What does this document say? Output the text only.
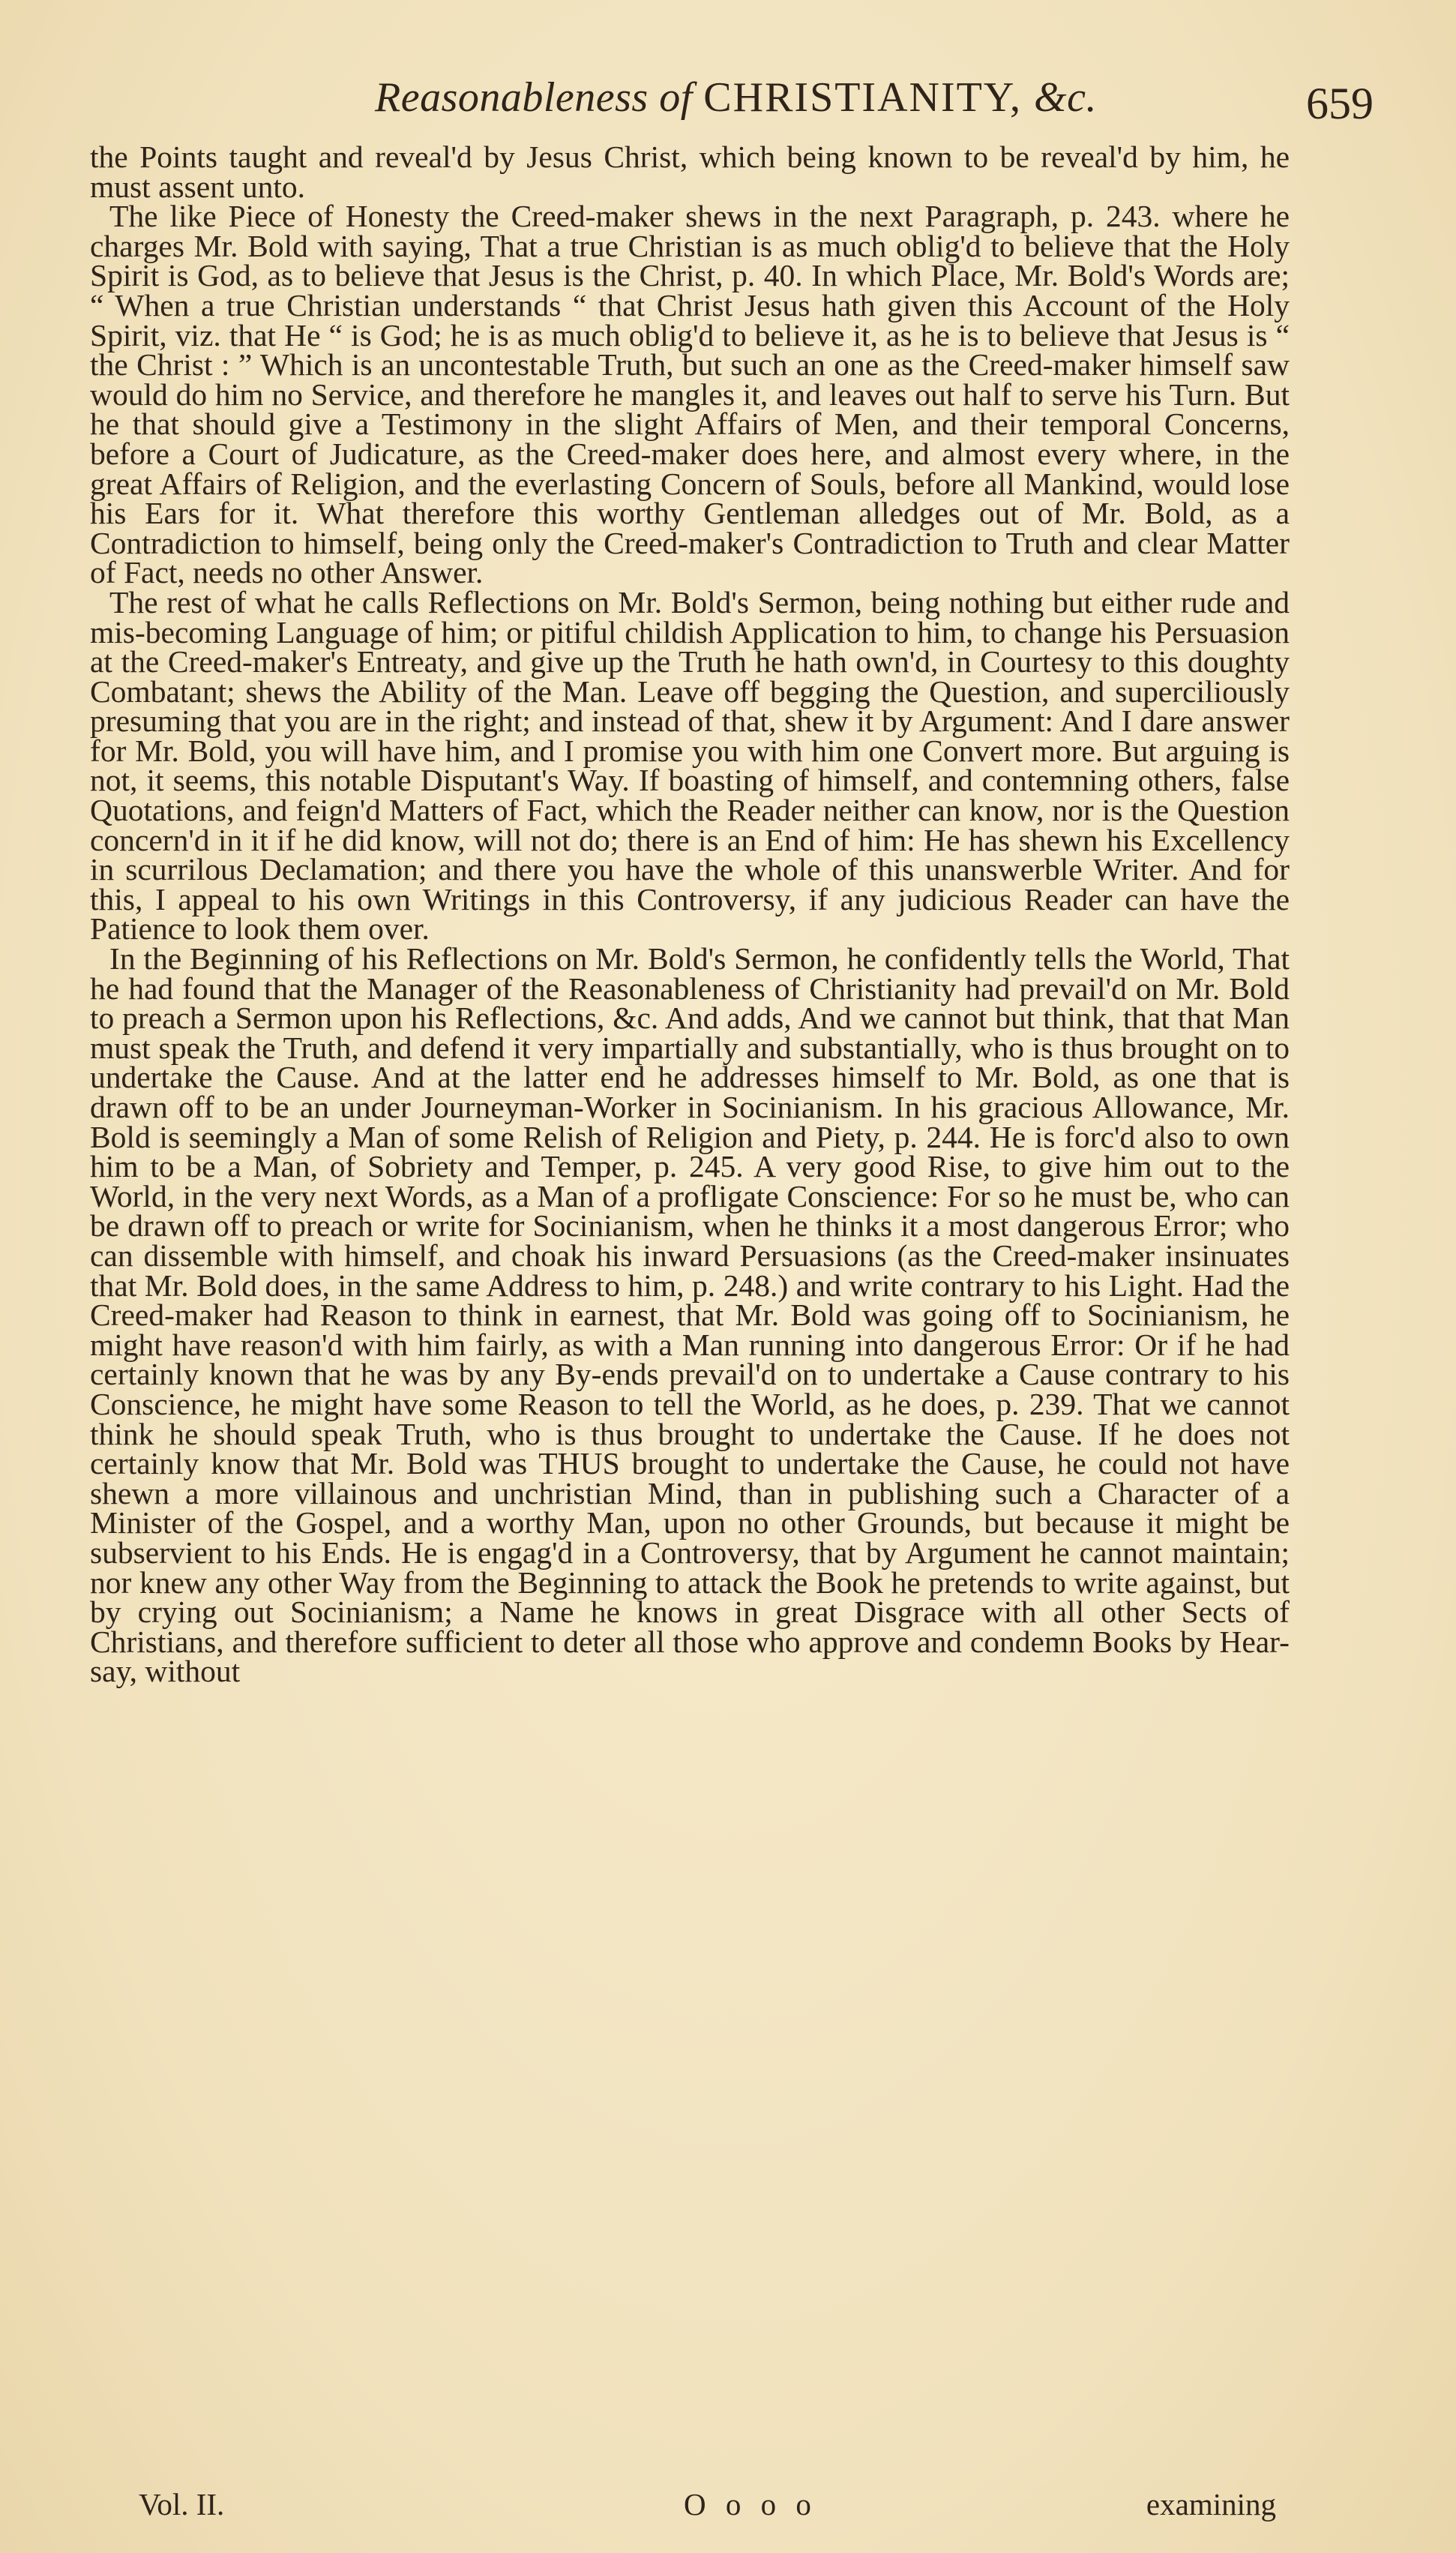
Reasonableness of CHRISTIANITY, &c.	659

the Points taught and reveal'd by Jesus Christ, which being known to be reveal'd by him, he must assent unto.

The like Piece of Honesty the Creed-maker shews in the next Paragraph, p. 243. where he charges Mr. Bold with saying, That a true Christian is as much oblig'd to believe that the Holy Spirit is God, as to believe that Jesus is the Christ, p. 40. In which Place, Mr. Bold's Words are; “ When a true Christian understands “ that Christ Jesus hath given this Account of the Holy Spirit, viz. that He “ is God; he is as much oblig'd to believe it, as he is to believe that Jesus is “ the Christ : ” Which is an uncontestable Truth, but such an one as the Creed-maker himself saw would do him no Service, and therefore he mangles it, and leaves out half to serve his Turn. But he that should give a Testimony in the slight Affairs of Men, and their temporal Concerns, before a Court of Judicature, as the Creed-maker does here, and almost every where, in the great Affairs of Religion, and the everlasting Concern of Souls, before all Mankind, would lose his Ears for it. What therefore this worthy Gentleman alledges out of Mr. Bold, as a Contradiction to himself, being only the Creed-maker's Contradiction to Truth and clear Matter of Fact, needs no other Answer.

The rest of what he calls Reflections on Mr. Bold's Sermon, being nothing but either rude and mis-becoming Language of him; or pitiful childish Application to him, to change his Persuasion at the Creed-maker's Entreaty, and give up the Truth he hath own'd, in Courtesy to this doughty Combatant; shews the Ability of the Man. Leave off begging the Question, and superciliously presuming that you are in the right; and instead of that, shew it by Argument: And I dare answer for Mr. Bold, you will have him, and I promise you with him one Convert more. But arguing is not, it seems, this notable Disputant's Way. If boasting of himself, and contemning others, false Quotations, and feign'd Matters of Fact, which the Reader neither can know, nor is the Question concern'd in it if he did know, will not do; there is an End of him: He has shewn his Excellency in scurrilous Declamation; and there you have the whole of this unanswerble Writer. And for this, I appeal to his own Writings in this Controversy, if any judicious Reader can have the Patience to look them over.

In the Beginning of his Reflections on Mr. Bold's Sermon, he confidently tells the World, That he had found that the Manager of the Reasonableness of Christianity had prevail'd on Mr. Bold to preach a Sermon upon his Reflections, &c. And adds, And we cannot but think, that that Man must speak the Truth, and defend it very impartially and substantially, who is thus brought on to undertake the Cause. And at the latter end he addresses himself to Mr. Bold, as one that is drawn off to be an under Journeyman-Worker in Socinianism. In his gracious Allowance, Mr. Bold is seemingly a Man of some Relish of Religion and Piety, p. 244. He is forc'd also to own him to be a Man, of Sobriety and Temper, p. 245. A very good Rise, to give him out to the World, in the very next Words, as a Man of a profligate Conscience: For so he must be, who can be drawn off to preach or write for Socinianism, when he thinks it a most dangerous Error; who can dissemble with himself, and choak his inward Persuasions (as the Creed-maker insinuates that Mr. Bold does, in the same Address to him, p. 248.) and write contrary to his Light. Had the Creed-maker had Reason to think in earnest, that Mr. Bold was going off to Socinianism, he might have reason'd with him fairly, as with a Man running into dangerous Error: Or if he had certainly known that he was by any By-ends prevail'd on to undertake a Cause contrary to his Conscience, he might have some Reason to tell the World, as he does, p. 239. That we cannot think he should speak Truth, who is thus brought to undertake the Cause. If he does not certainly know that Mr. Bold was THUS brought to undertake the Cause, he could not have shewn a more villainous and unchristian Mind, than in publishing such a Character of a Minister of the Gospel, and a worthy Man, upon no other Grounds, but because it might be subservient to his Ends. He is engag'd in a Controversy, that by Argument he cannot maintain; nor knew any other Way from the Beginning to attack the Book he pretends to write against, but by crying out Socinianism; a Name he knows in great Disgrace with all other Sects of Christians, and therefore sufficient to deter all those who approve and condemn Books by Hear-say, without

Vol. II.	O o o o	examining
